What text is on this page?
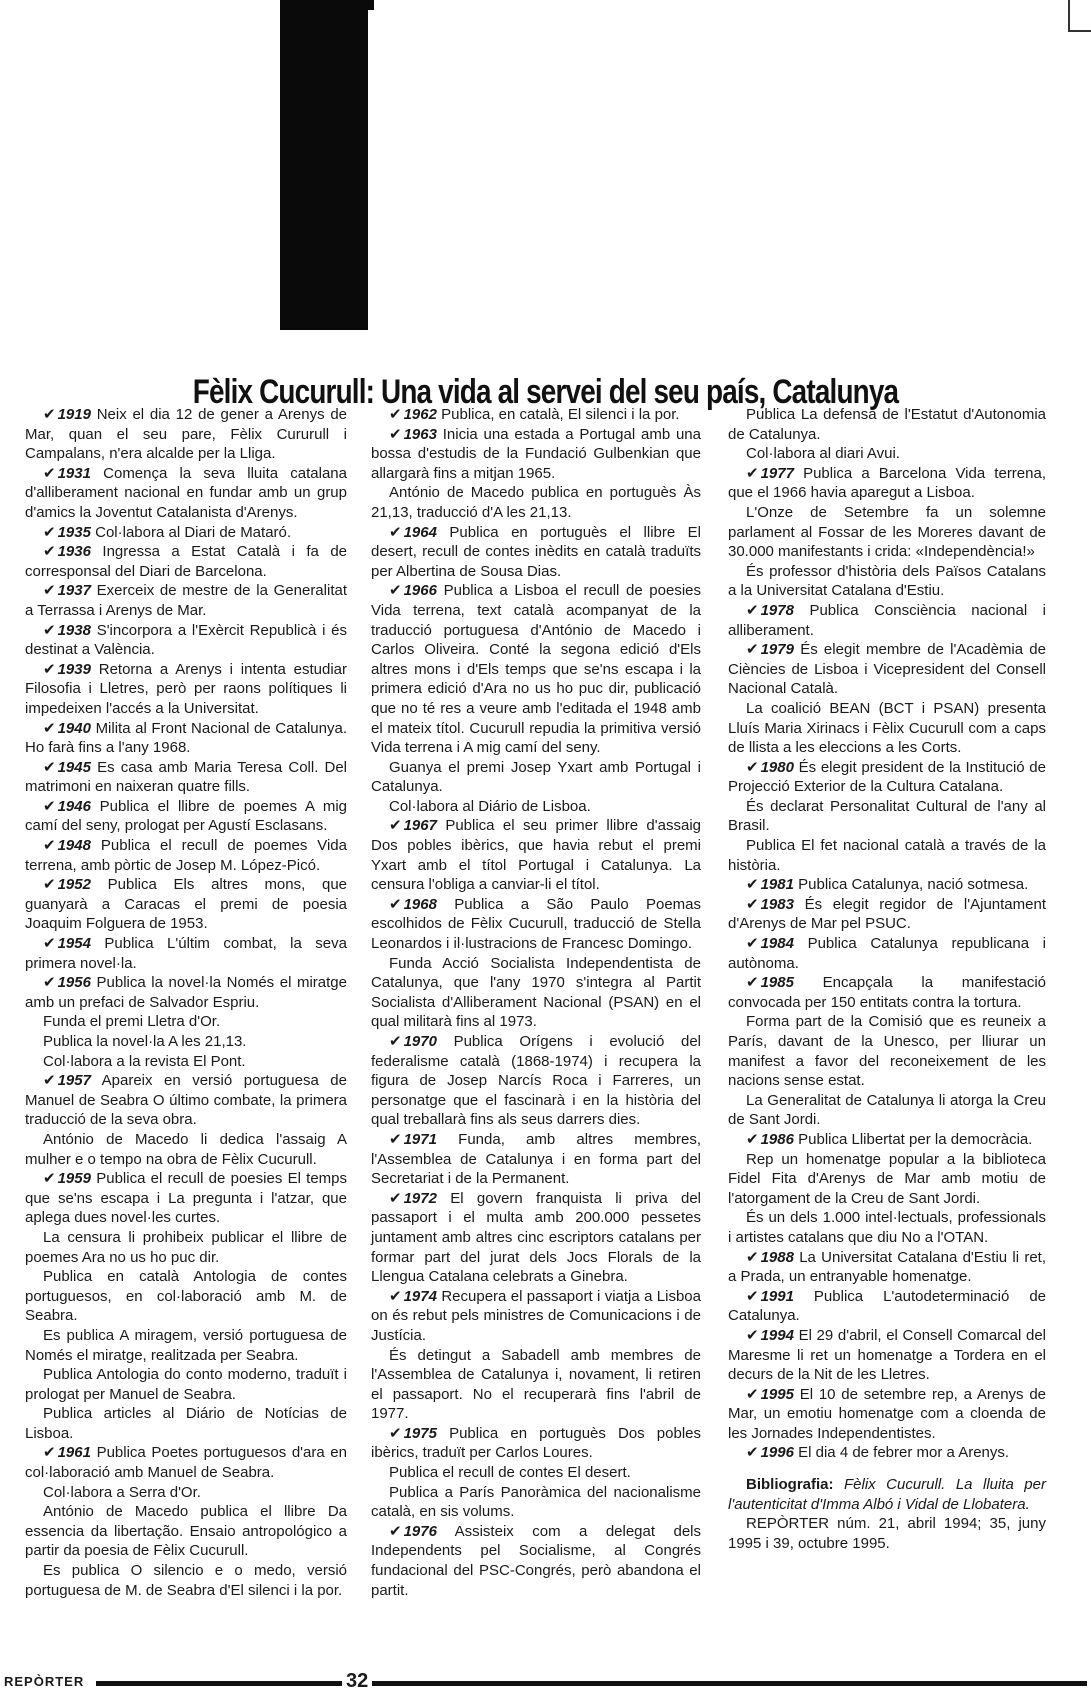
Fèlix Cucurull: Una vida al servei del seu país, Catalunya

✔ 1919 Neix el dia 12 de gener a Arenys de Mar, quan el seu pare, Fèlix Cururull i Campalans, n'era alcalde per la Lliga.

✔ 1931 Comença la seva lluita catalana d'alliberament nacional en fundar amb un grup d'amics la Joventut Catalanista d'Arenys.

✔ 1935 Col·labora al Diari de Mataró.

✔ 1936 Ingressa a Estat Català i fa de corresponsal del Diari de Barcelona.

✔ 1937 Exerceix de mestre de la Generalitat a Terrassa i Arenys de Mar.

✔ 1938 S'incorpora a l'Exèrcit Republicà i és destinat a València.

✔ 1939 Retorna a Arenys i intenta estudiar Filosofia i Lletres, però per raons polítiques li impedeixen l'accés a la Universitat.

✔ 1940 Milita al Front Nacional de Catalunya. Ho farà fins a l'any 1968.

✔ 1945 Es casa amb Maria Teresa Coll. Del matrimoni en naixeran quatre fills.

✔ 1946 Publica el llibre de poemes A mig camí del seny, prologat per Agustí Esclasans.

✔ 1948 Publica el recull de poemes Vida terrena, amb pòrtic de Josep M. López-Picó.

✔ 1952 Publica Els altres mons, que guanyarà a Caracas el premi de poesia Joaquim Folguera de 1953.

✔ 1954 Publica L'últim combat, la seva primera novel·la.

✔ 1956 Publica la novel·la Només el miratge amb un prefaci de Salvador Espriu.

Funda el premi Lletra d'Or.

Publica la novel·la A les 21,13.

Col·labora a la revista El Pont.

✔ 1957 Apareix en versió portuguesa de Manuel de Seabra O último combate, la primera traducció de la seva obra.

António de Macedo li dedica l'assaig A mulher e o tempo na obra de Fèlix Cucurull.

✔ 1959 Publica el recull de poesies El temps que se'ns escapa i La pregunta i l'atzar, que aplega dues novel·les curtes.

La censura li prohibeix publicar el llibre de poemes Ara no us ho puc dir.

Publica en català Antologia de contes portuguesos, en col·laboració amb M. de Seabra.

Es publica A miragem, versió portuguesa de Només el miratge, realitzada per Seabra.

Publica Antologia do conto moderno, traduït i prologat per Manuel de Seabra.

Publica articles al Diário de Notícias de Lisboa.

✔ 1961 Publica Poetes portuguesos d'ara en col·laboració amb Manuel de Seabra.

Col·labora a Serra d'Or.

António de Macedo publica el llibre Da essencia da libertação. Ensaio antropológico a partir da poesia de Fèlix Cucurull.

Es publica O silencio e o medo, versió portuguesa de M. de Seabra d'El silenci i la por.

✔ 1962 Publica, en català, El silenci i la por.

✔ 1963 Inicia una estada a Portugal amb una bossa d'estudis de la Fundació Gulbenkian que allargarà fins a mitjan 1965.

António de Macedo publica en portuguès Às 21,13, traducció d'A les 21,13.

✔ 1964 Publica en portuguès el llibre El desert, recull de contes inèdits en català traduïts per Albertina de Sousa Dias.

✔ 1966 Publica a Lisboa el recull de poesies Vida terrena, text català acompanyat de la traducció portuguesa d'António de Macedo i Carlos Oliveira. Conté la segona edició d'Els altres mons i d'Els temps que se'ns escapa i la primera edició d'Ara no us ho puc dir, publicació que no té res a veure amb l'editada el 1948 amb el mateix títol. Cucurull repudia la primitiva versió Vida terrena i A mig camí del seny.

Guanya el premi Josep Yxart amb Portugal i Catalunya.

Col·labora al Diário de Lisboa.

✔ 1967 Publica el seu primer llibre d'assaig Dos pobles ibèrics, que havia rebut el premi Yxart amb el títol Portugal i Catalunya. La censura l'obliga a canviar-li el títol.

✔ 1968 Publica a São Paulo Poemas escolhidos de Fèlix Cucurull, traducció de Stella Leonardos i il·lustracions de Francesc Domingo.

Funda Acció Socialista Independentista de Catalunya, que l'any 1970 s'integra al Partit Socialista d'Alliberament Nacional (PSAN) en el qual militarà fins al 1973.

✔ 1970 Publica Orígens i evolució del federalisme català (1868-1974) i recupera la figura de Josep Narcís Roca i Farreres, un personatge que el fascinarà i en la història del qual treballarà fins als seus darrers dies.

✔ 1971 Funda, amb altres membres, l'Assemblea de Catalunya i en forma part del Secretariat i de la Permanent.

✔ 1972 El govern franquista li priva del passaport i el multa amb 200.000 pessetes juntament amb altres cinc escriptors catalans per formar part del jurat dels Jocs Florals de la Llengua Catalana celebrats a Ginebra.

✔ 1974 Recupera el passaport i viatja a Lisboa on és rebut pels ministres de Comunicacions i de Justícia.

És detingut a Sabadell amb membres de l'Assemblea de Catalunya i, novament, li retiren el passaport. No el recuperarà fins l'abril de 1977.

✔ 1975 Publica en portuguès Dos pobles ibèrics, traduït per Carlos Loures.

Publica el recull de contes El desert.

Publica a París Panoràmica del nacionalisme català, en sis volums.

✔ 1976 Assisteix com a delegat dels Independents pel Socialisme, al Congrés fundacional del PSC-Congrés, però abandona el partit.

Publica La defensa de l'Estatut d'Autonomia de Catalunya.

Col·labora al diari Avui.

✔ 1977 Publica a Barcelona Vida terrena, que el 1966 havia aparegut a Lisboa.

L'Onze de Setembre fa un solemne parlament al Fossar de les Moreres davant de 30.000 manifestants i crida: «Independència!»

És professor d'història dels Països Catalans a la Universitat Catalana d'Estiu.

✔ 1978 Publica Consciència nacional i alliberament.

✔ 1979 És elegit membre de l'Acadèmia de Ciències de Lisboa i Vicepresident del Consell Nacional Català.

La coalició BEAN (BCT i PSAN) presenta Lluís Maria Xirinacs i Fèlix Cucurull com a caps de llista a les eleccions a les Corts.

✔ 1980 És elegit president de la Institució de Projecció Exterior de la Cultura Catalana.

És declarat Personalitat Cultural de l'any al Brasil.

Publica El fet nacional català a través de la història.

✔ 1981 Publica Catalunya, nació sotmesa.

✔ 1983 És elegit regidor de l'Ajuntament d'Arenys de Mar pel PSUC.

✔ 1984 Publica Catalunya republicana i autònoma.

✔ 1985 Encapçala la manifestació convocada per 150 entitats contra la tortura.

Forma part de la Comisió que es reuneix a París, davant de la Unesco, per lliurar un manifest a favor del reconeixement de les nacions sense estat.

La Generalitat de Catalunya li atorga la Creu de Sant Jordi.

✔ 1986 Publica Llibertat per la democràcia.

Rep un homenatge popular a la biblioteca Fidel Fita d'Arenys de Mar amb motiu de l'atorgament de la Creu de Sant Jordi.

És un dels 1.000 intel·lectuals, professionals i artistes catalans que diu No a l'OTAN.

✔ 1988 La Universitat Catalana d'Estiu li ret, a Prada, un entranyable homenatge.

✔ 1991 Publica L'autodeterminació de Catalunya.

✔ 1994 El 29 d'abril, el Consell Comarcal del Maresme li ret un homenatge a Tordera en el decurs de la Nit de les Lletres.

✔ 1995 El 10 de setembre rep, a Arenys de Mar, un emotiu homenatge com a cloenda de les Jornades Independentistes.

✔ 1996 El dia 4 de febrer mor a Arenys.

Bibliografia: Fèlix Cucurull. La lluita per l'autenticitat d'Imma Albó i Vidal de Llobatera.

REPÒRTER núm. 21, abril 1994; 35, juny 1995 i 39, octubre 1995.

REPÒRTER	32
